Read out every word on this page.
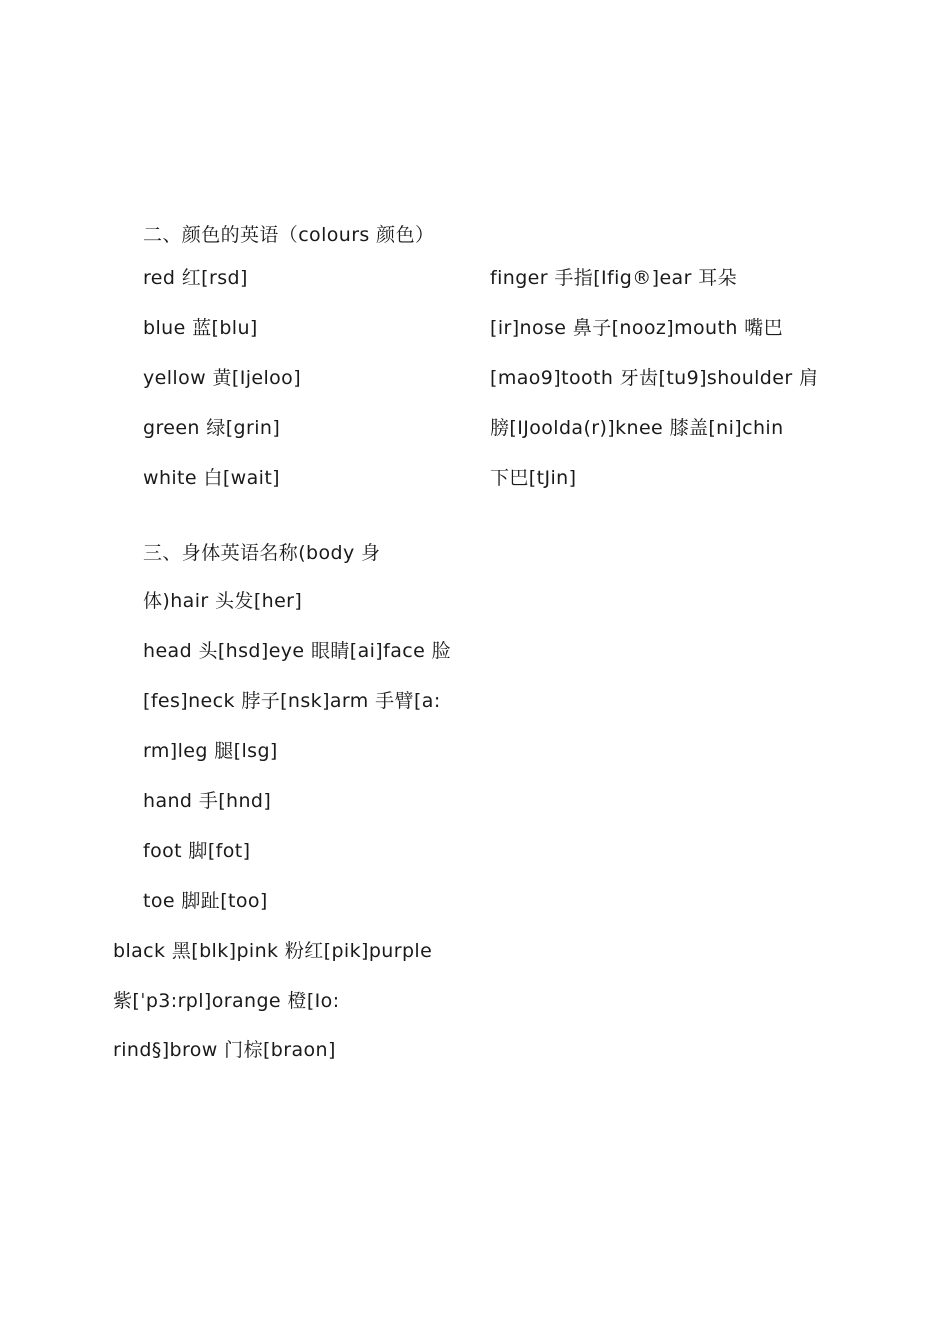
二、颜色的英语（colours 颜色）
red 红[rsd]
blue 蓝[blu]
yellow 黄[Ijeloo]
green 绿[grin]
white 白[wait]
finger 手指[Ifig®]ear 耳朵
[ir]nose 鼻子[nooz]mouth 嘴巴
[mao9]tooth 牙齿[tu9]shoulder 肩
膀[IJoolda(r)]knee 膝盖[ni]chin
下巴[tJin]
三、身体英语名称(body 身
体)hair 头发[her]
head 头[hsd]eye 眼睛[ai]face 脸
[fes]neck 脖子[nsk]arm 手臂[a:
rm]leg 腿[lsg]
hand 手[hnd]
foot 脚[fot]
toe 脚趾[too]
black 黑[blk]pink 粉红[pik]purple
紫[ˈp3:rpl]orange 橙[Io:
rind§]brow 门棕[braon]
